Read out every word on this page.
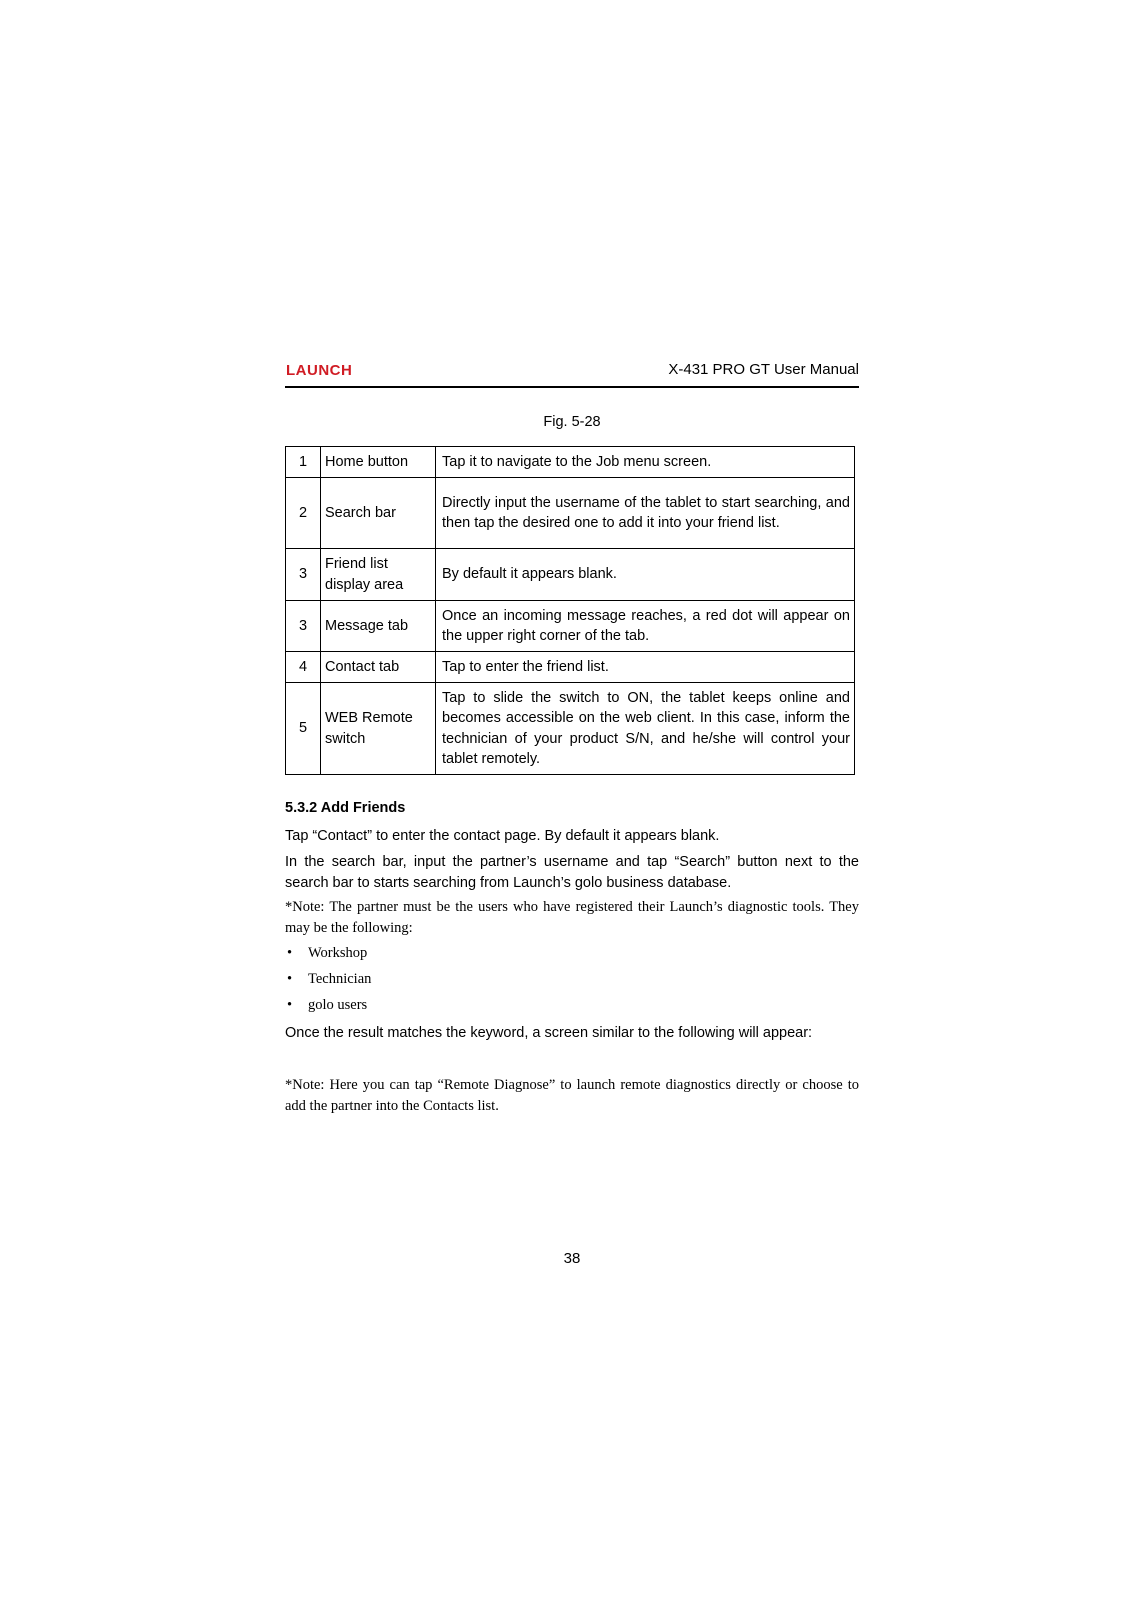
LAUNCH	X-431 PRO GT User Manual
Fig. 5-28
1	Home button	Tap it to navigate to the Job menu screen.
2	Search bar	Directly input the username of the tablet to start searching, and then tap the desired one to add it into your friend list.
3	Friend list display area	By default it appears blank.
3	Message tab	Once an incoming message reaches, a red dot will appear on the upper right corner of the tab.
4	Contact tab	Tap to enter the friend list.
5	WEB Remote switch	Tap to slide the switch to ON, the tablet keeps online and becomes accessible on the web client. In this case, inform the technician of your product S/N, and he/she will control your tablet remotely.
5.3.2 Add Friends
Tap “Contact” to enter the contact page. By default it appears blank.
In the search bar, input the partner’s username and tap “Search” button next to the search bar to starts searching from Launch’s golo business database.
*Note: The partner must be the users who have registered their Launch’s diagnostic tools. They may be the following:
• Workshop
• Technician
• golo users
Once the result matches the keyword, a screen similar to the following will appear:
*Note: Here you can tap “Remote Diagnose” to launch remote diagnostics directly or choose to add the partner into the Contacts list.
38
